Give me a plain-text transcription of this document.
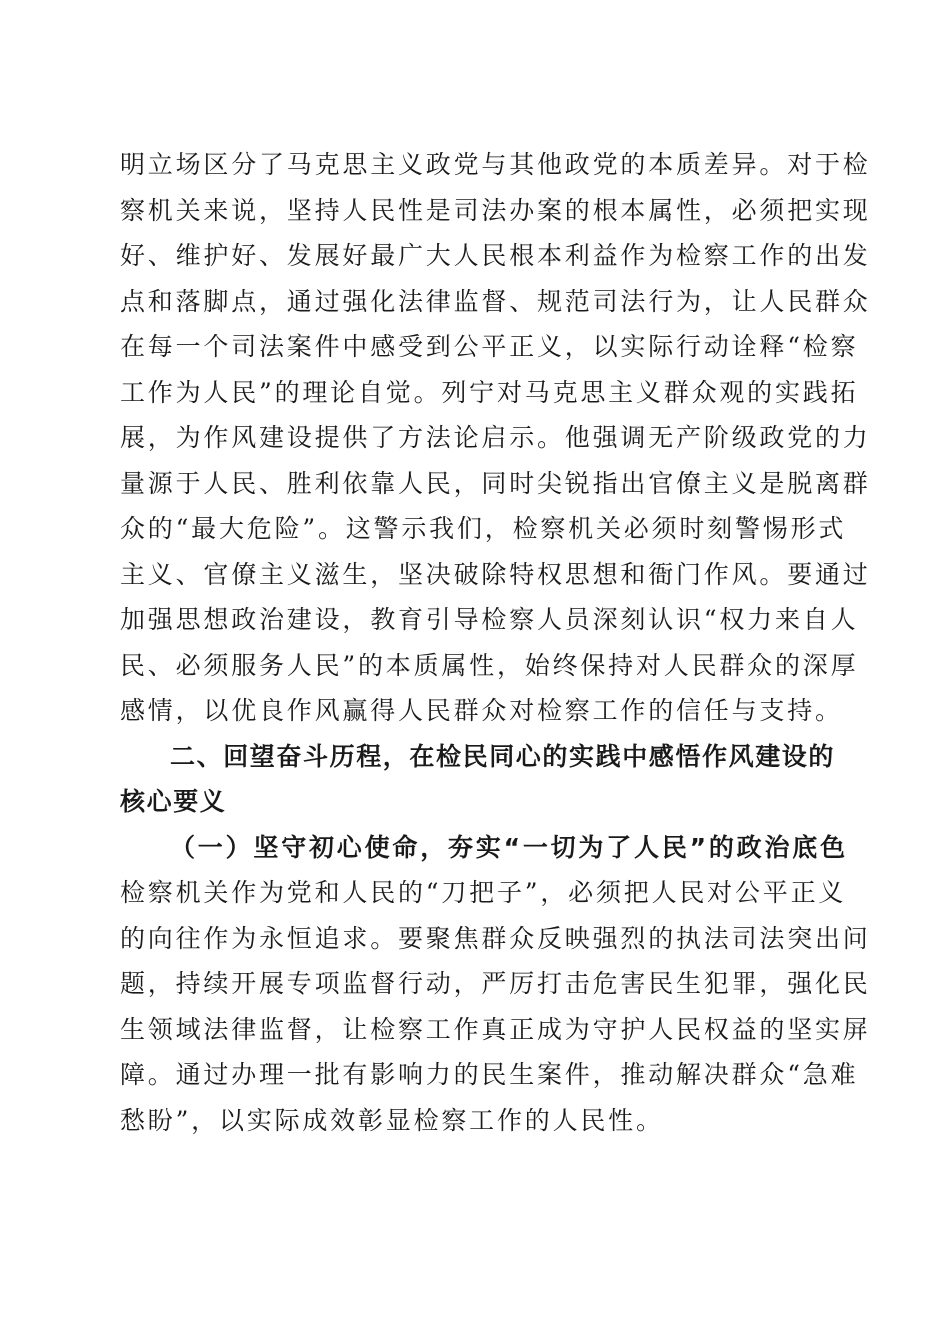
明立场区分了马克思主义政党与其他政党的本质差异。对于检
察机关来说，坚持人民性是司法办案的根本属性，必须把实现
好、维护好、发展好最广大人民根本利益作为检察工作的出发
点和落脚点，通过强化法律监督、规范司法行为，让人民群众
在每一个司法案件中感受到公平正义，以实际行动诠释“检察
工作为人民”的理论自觉。列宁对马克思主义群众观的实践拓
展，为作风建设提供了方法论启示。他强调无产阶级政党的力
量源于人民、胜利依靠人民，同时尖锐指出官僚主义是脱离群
众的“最大危险”。这警示我们，检察机关必须时刻警惕形式
主义、官僚主义滋生，坚决破除特权思想和衙门作风。要通过
加强思想政治建设，教育引导检察人员深刻认识“权力来自人
民、必须服务人民”的本质属性，始终保持对人民群众的深厚
感情，以优良作风赢得人民群众对检察工作的信任与支持。
二、回望奋斗历程，在检民同心的实践中感悟作风建设的
核心要义
（一）坚守初心使命，夯实“一切为了人民”的政治底色
检察机关作为党和人民的“刀把子”，必须把人民对公平正义
的向往作为永恒追求。要聚焦群众反映强烈的执法司法突出问
题，持续开展专项监督行动，严厉打击危害民生犯罪，强化民
生领域法律监督，让检察工作真正成为守护人民权益的坚实屏
障。通过办理一批有影响力的民生案件，推动解决群众“急难
愁盼”，以实际成效彰显检察工作的人民性。
